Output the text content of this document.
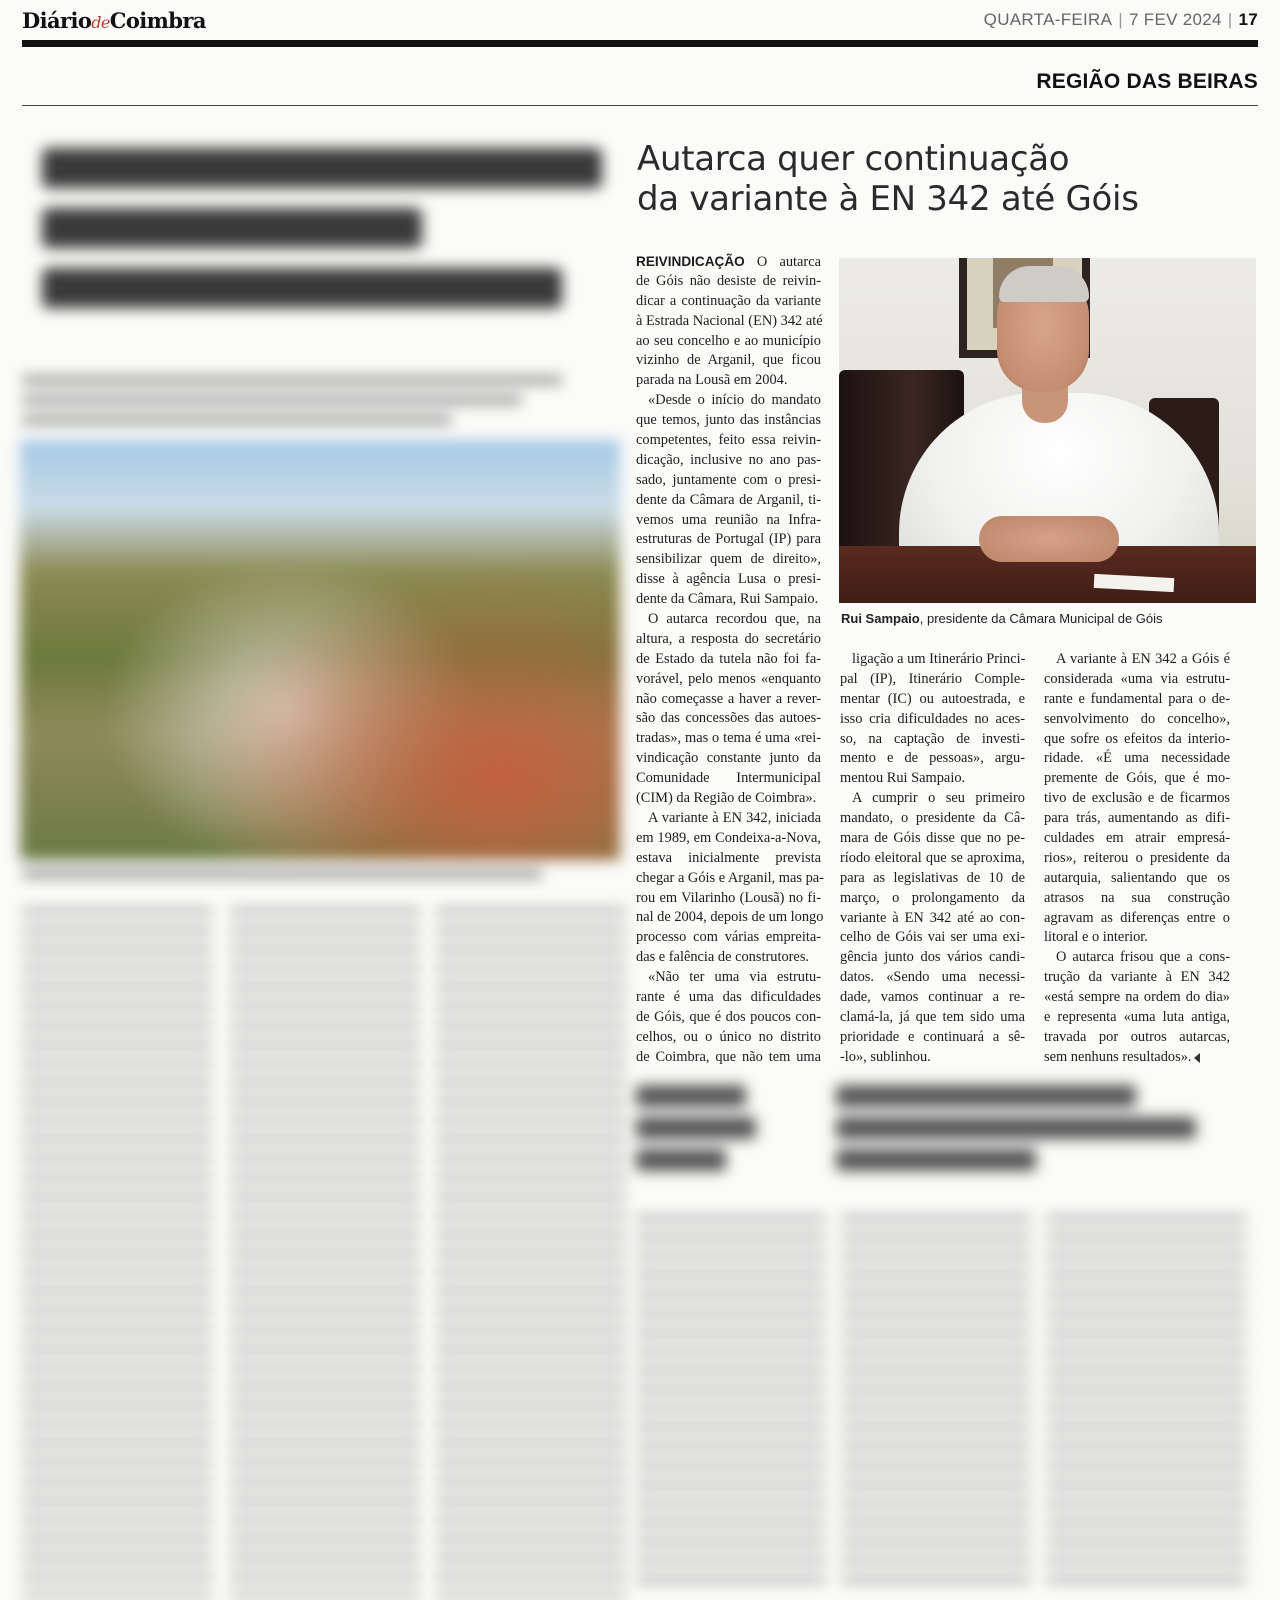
DiáriodeCoimbra	QUARTA-FEIRA | 7 FEV 2024 | 17
REGIÃO DAS BEIRAS
Autarca quer continuação
da variante à EN 342 até Góis
Rui Sampaio, presidente da Câmara Municipal de Góis
REIVINDICAÇÃO O autarca
de Góis não desiste de reivin-
dicar a continuação da variante
à Estrada Nacional (EN) 342 até
ao seu concelho e ao município
vizinho de Arganil, que ficou
parada na Lousã em 2004.
«Desde o início do mandato
que temos, junto das instâncias
competentes, feito essa reivin-
dicação, inclusive no ano pas-
sado, juntamente com o presi-
dente da Câmara de Arganil, ti-
vemos uma reunião na Infra-
estruturas de Portugal (IP) para
sensibilizar quem de direito»,
disse à agência Lusa o presi-
dente da Câmara, Rui Sampaio.
O autarca recordou que, na
altura, a resposta do secretário
de Estado da tutela não foi fa-
vorável, pelo menos «enquanto
não começasse a haver a rever-
são das concessões das autoes-
tradas», mas o tema é uma «rei-
vindicação constante junto da
Comunidade Intermunicipal
(CIM) da Região de Coimbra».
A variante à EN 342, iniciada
em 1989, em Condeixa-a-Nova,
estava inicialmente prevista
chegar a Góis e Arganil, mas pa-
rou em Vilarinho (Lousã) no fi-
nal de 2004, depois de um longo
processo com várias empreita-
das e falência de construtores.
«Não ter uma via estrutu-
rante é uma das dificuldades
de Góis, que é dos poucos con-
celhos, ou o único no distrito
de Coimbra, que não tem uma
ligação a um Itinerário Princi-
pal (IP), Itinerário Comple-
mentar (IC) ou autoestrada, e
isso cria dificuldades no aces-
so, na captação de investi-
mento e de pessoas», argu-
mentou Rui Sampaio.
A cumprir o seu primeiro
mandato, o presidente da Câ-
mara de Góis disse que no pe-
ríodo eleitoral que se aproxima,
para as legislativas de 10 de
março, o prolongamento da
variante à EN 342 até ao con-
celho de Góis vai ser uma exi-
gência junto dos vários candi-
datos. «Sendo uma necessi-
dade, vamos continuar a re-
clamá-la, já que tem sido uma
prioridade e continuará a sê-
-lo», sublinhou.
A variante à EN 342 a Góis é
considerada «uma via estrutu-
rante e fundamental para o de-
senvolvimento do concelho»,
que sofre os efeitos da interio-
ridade. «É uma necessidade
premente de Góis, que é mo-
tivo de exclusão e de ficarmos
para trás, aumentando as difi-
culdades em atrair empresá-
rios», reiterou o presidente da
autarquia, salientando que os
atrasos na sua construção
agravam as diferenças entre o
litoral e o interior.
O autarca frisou que a cons-
trução da variante à EN 342
«está sempre na ordem do dia»
e representa «uma luta antiga,
travada por outros autarcas,
sem nenhuns resultados».
